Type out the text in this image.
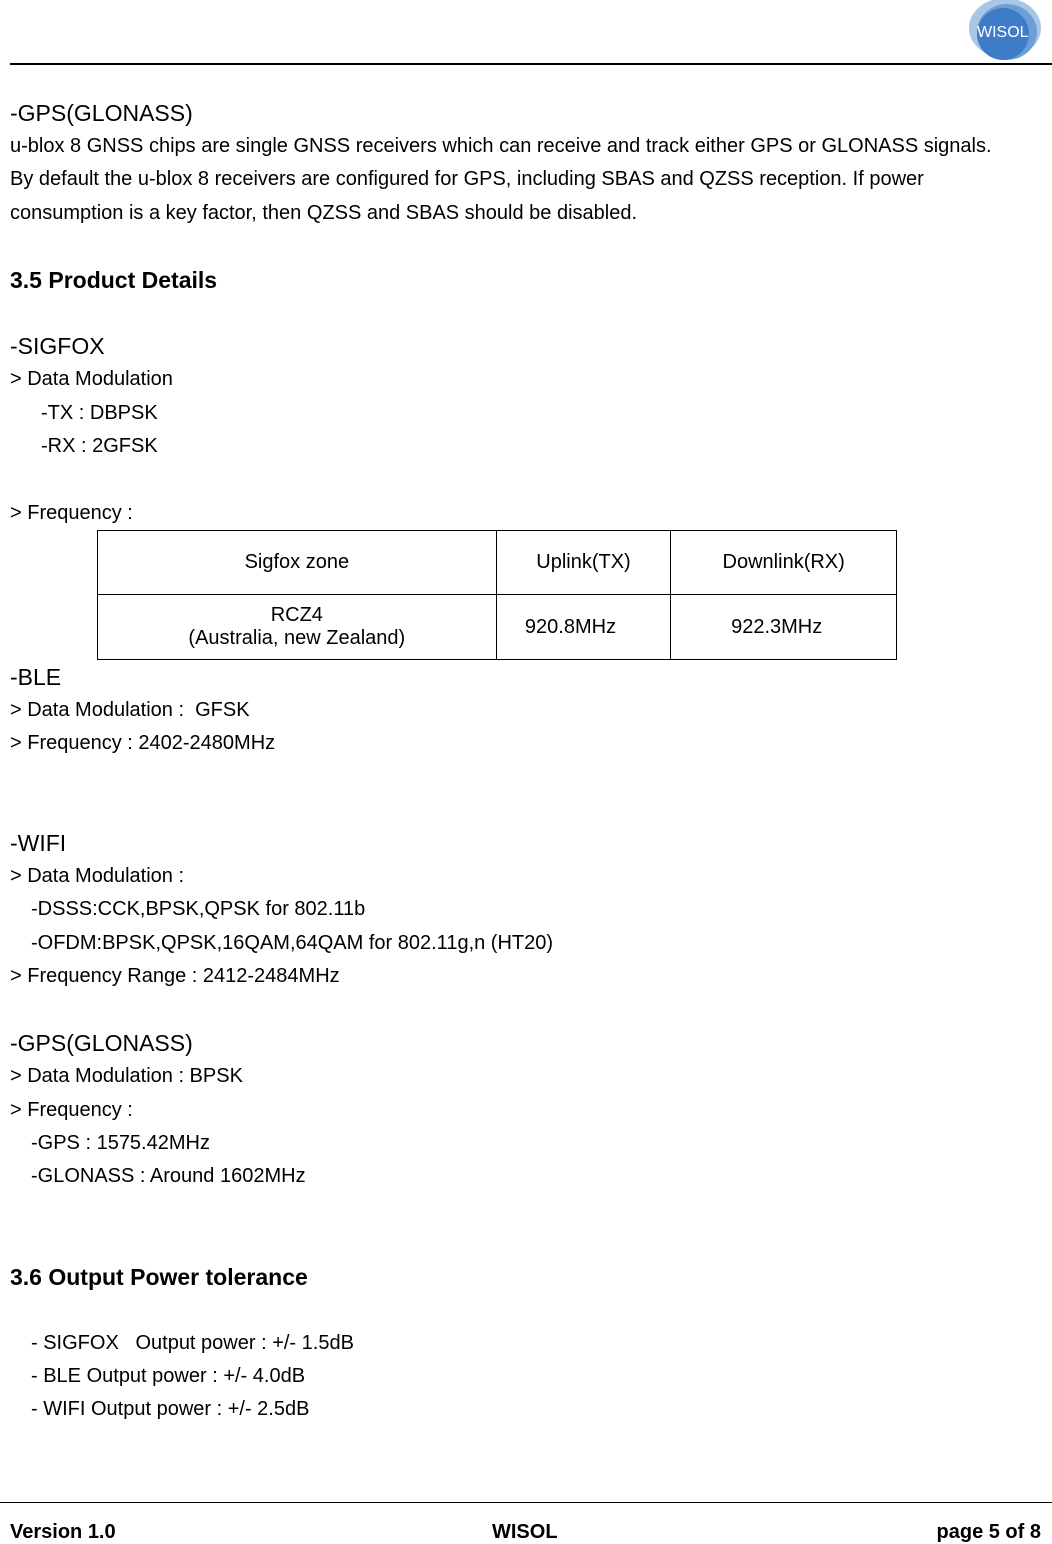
WISOL
-GPS(GLONASS)
u-blox 8 GNSS chips are single GNSS receivers which can receive and track either GPS or GLONASS signals.
By default the u-blox 8 receivers are configured for GPS, including SBAS and QZSS reception. If power
consumption is a key factor, then QZSS and SBAS should be disabled.
3.5 Product Details
-SIGFOX
> Data Modulation
-TX : DBPSK
-RX : 2GFSK
> Frequency :
Sigfox zone	Uplink(TX)	Downlink(RX)

RCZ4
(Australia, new Zealand)	920.8MHz	922.3MHz
-BLE
> Data Modulation :  GFSK
> Frequency : 2402-2480MHz
-WIFI
> Data Modulation :
-DSSS:CCK,BPSK,QPSK for 802.11b
-OFDM:BPSK,QPSK,16QAM,64QAM for 802.11g,n (HT20)
> Frequency Range : 2412-2484MHz
-GPS(GLONASS)
> Data Modulation : BPSK
> Frequency :
-GPS : 1575.42MHz
-GLONASS : Around 1602MHz
3.6 Output Power tolerance
- SIGFOX   Output power : +/- 1.5dB
- BLE Output power : +/- 4.0dB
- WIFI Output power : +/- 2.5dB
Version 1.0	WISOL	page 5 of 8
